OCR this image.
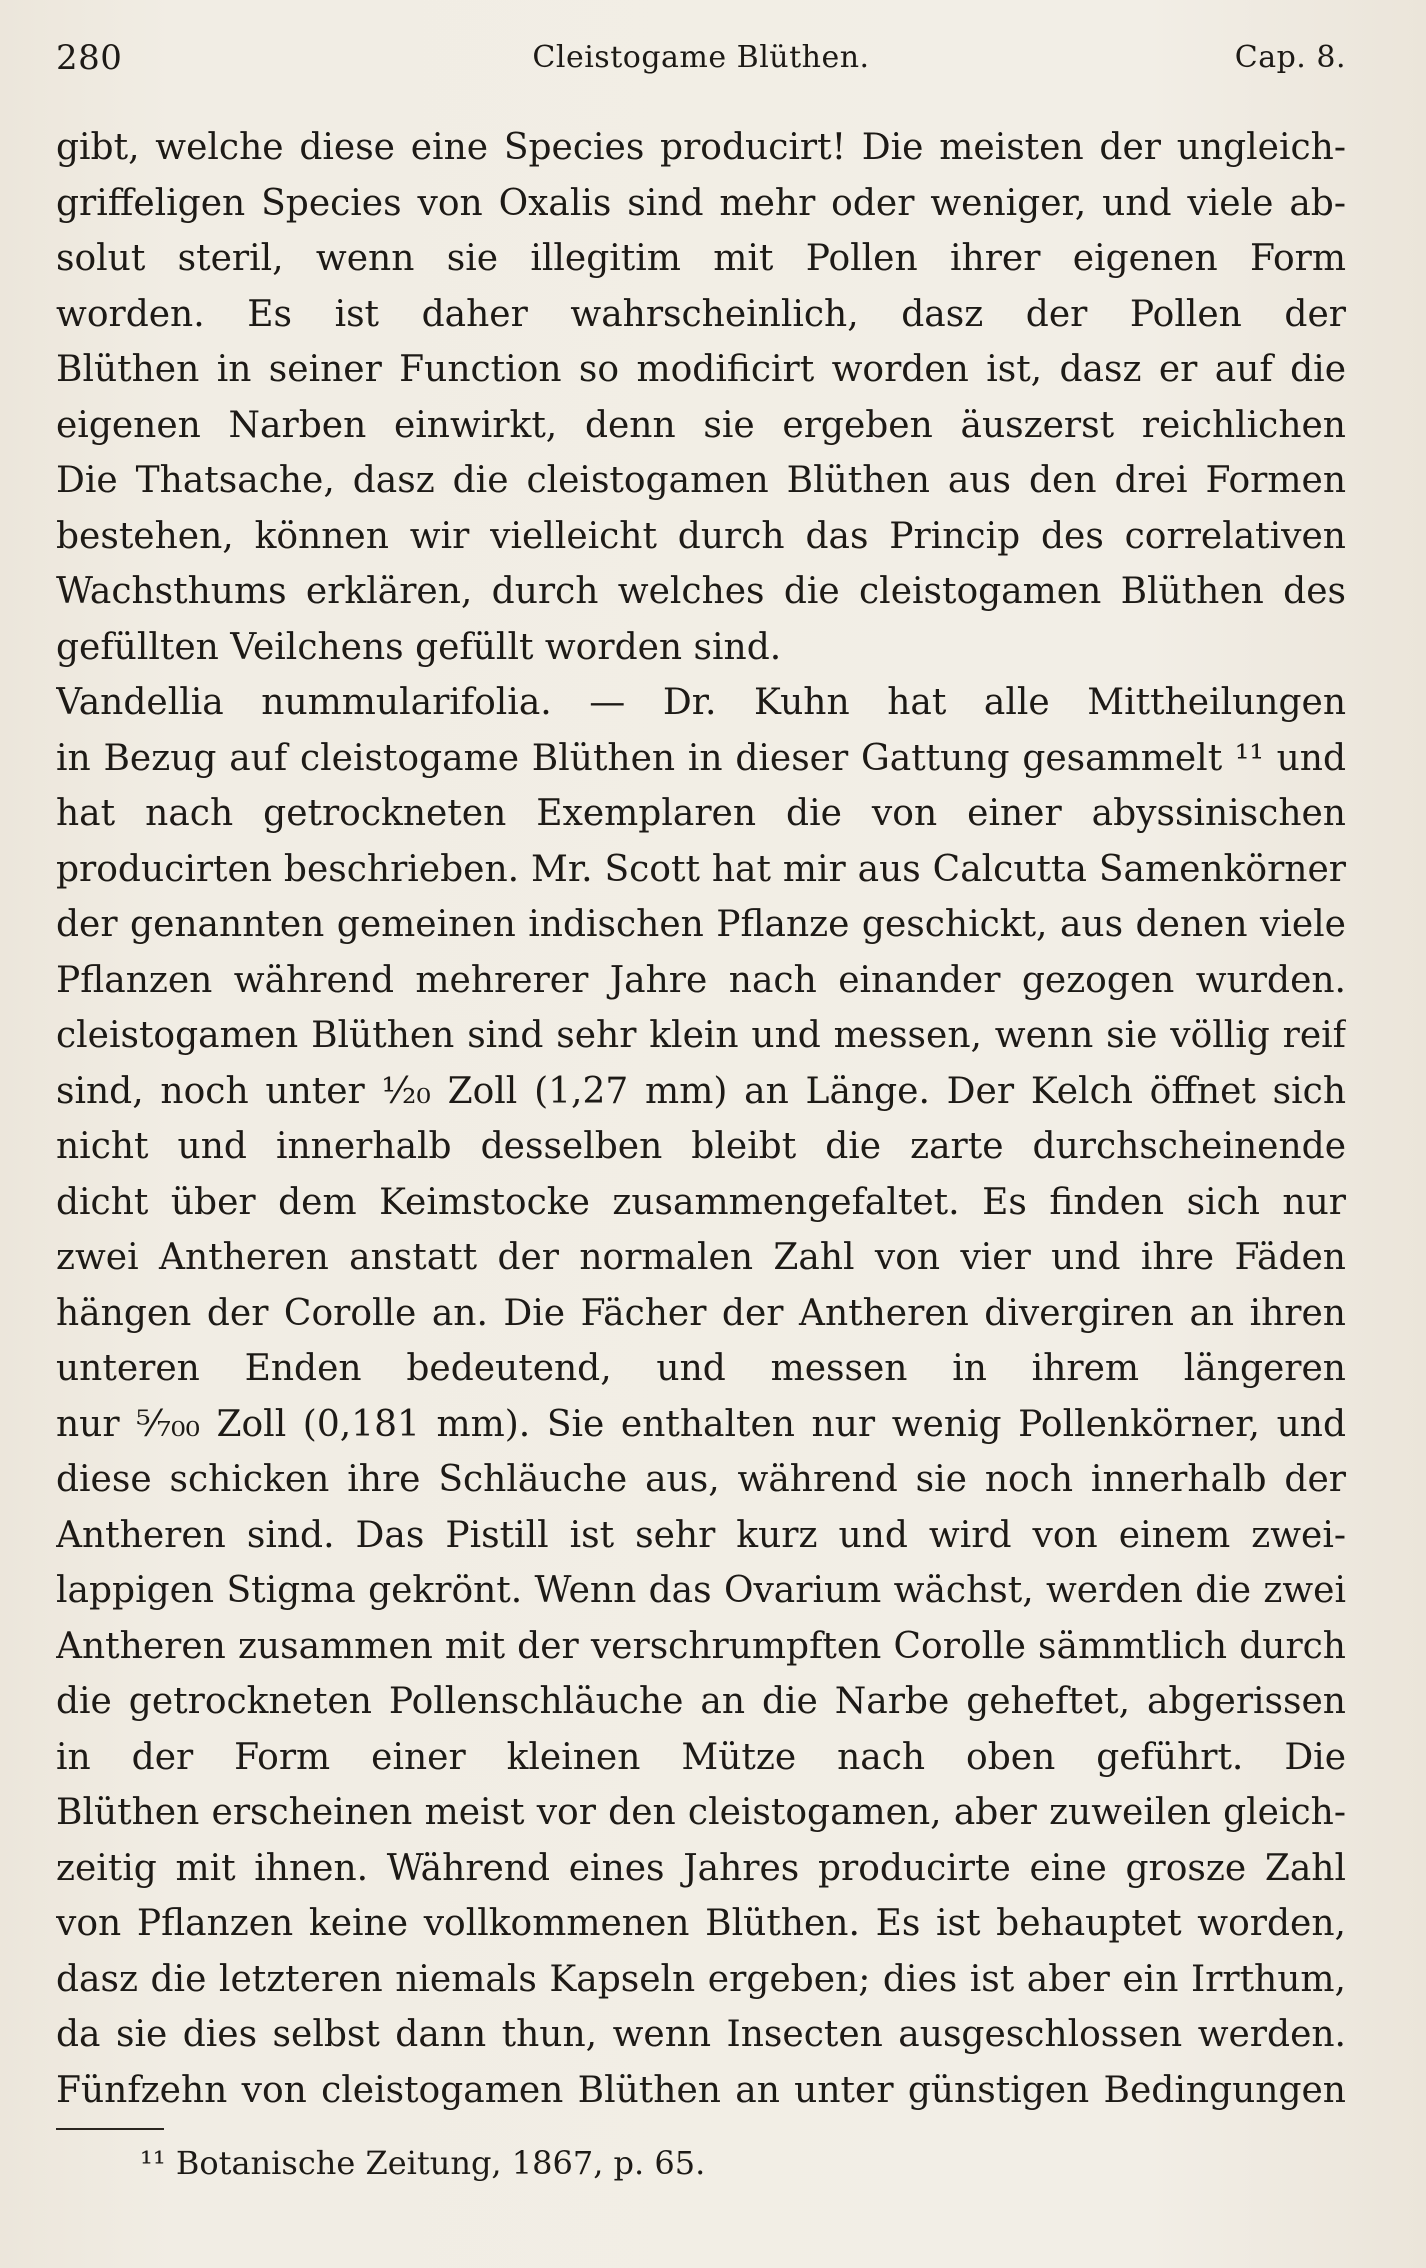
280	Cleistogame Blüthen.	Cap. 8.
gibt, welche diese eine Species producirt! Die meisten der ungleich-
griffeligen Species von Oxalis sind mehr oder weniger, und viele ab-
solut steril, wenn sie illegitim mit Pollen ihrer eigenen Form
worden. Es ist daher wahrscheinlich, dasz der Pollen der
Blüthen in seiner Function so modificirt worden ist, dasz er auf die
eigenen Narben einwirkt, denn sie ergeben äuszerst reichlichen
Die Thatsache, dasz die cleistogamen Blüthen aus den drei Formen
bestehen, können wir vielleicht durch das Princip des correlativen
Wachsthums erklären, durch welches die cleistogamen Blüthen des
gefüllten Veilchens gefüllt worden sind.
Vandellia nummularifolia. — Dr. Kuhn hat alle Mittheilungen
in Bezug auf cleistogame Blüthen in dieser Gattung gesammelt ¹¹ und
hat nach getrockneten Exemplaren die von einer abyssinischen
producirten beschrieben. Mr. Scott hat mir aus Calcutta Samenkörner
der genannten gemeinen indischen Pflanze geschickt, aus denen viele
Pflanzen während mehrerer Jahre nach einander gezogen wurden.
cleistogamen Blüthen sind sehr klein und messen, wenn sie völlig reif
sind, noch unter ¹⁄₂₀ Zoll (1,27 mm) an Länge. Der Kelch öffnet sich
nicht und innerhalb desselben bleibt die zarte durchscheinende
dicht über dem Keimstocke zusammengefaltet. Es finden sich nur
zwei Antheren anstatt der normalen Zahl von vier und ihre Fäden
hängen der Corolle an. Die Fächer der Antheren divergiren an ihren
unteren Enden bedeutend, und messen in ihrem längeren
nur ⁵⁄₇₀₀ Zoll (0,181 mm). Sie enthalten nur wenig Pollenkörner, und
diese schicken ihre Schläuche aus, während sie noch innerhalb der
Antheren sind. Das Pistill ist sehr kurz und wird von einem zwei-
lappigen Stigma gekrönt. Wenn das Ovarium wächst, werden die zwei
Antheren zusammen mit der verschrumpften Corolle sämmtlich durch
die getrockneten Pollenschläuche an die Narbe geheftet, abgerissen
in der Form einer kleinen Mütze nach oben geführt. Die
Blüthen erscheinen meist vor den cleistogamen, aber zuweilen gleich-
zeitig mit ihnen. Während eines Jahres producirte eine grosze Zahl
von Pflanzen keine vollkommenen Blüthen. Es ist behauptet worden,
dasz die letzteren niemals Kapseln ergeben; dies ist aber ein Irrthum,
da sie dies selbst dann thun, wenn Insecten ausgeschlossen werden.
Fünfzehn von cleistogamen Blüthen an unter günstigen Bedingungen
¹¹ Botanische Zeitung, 1867, p. 65.
